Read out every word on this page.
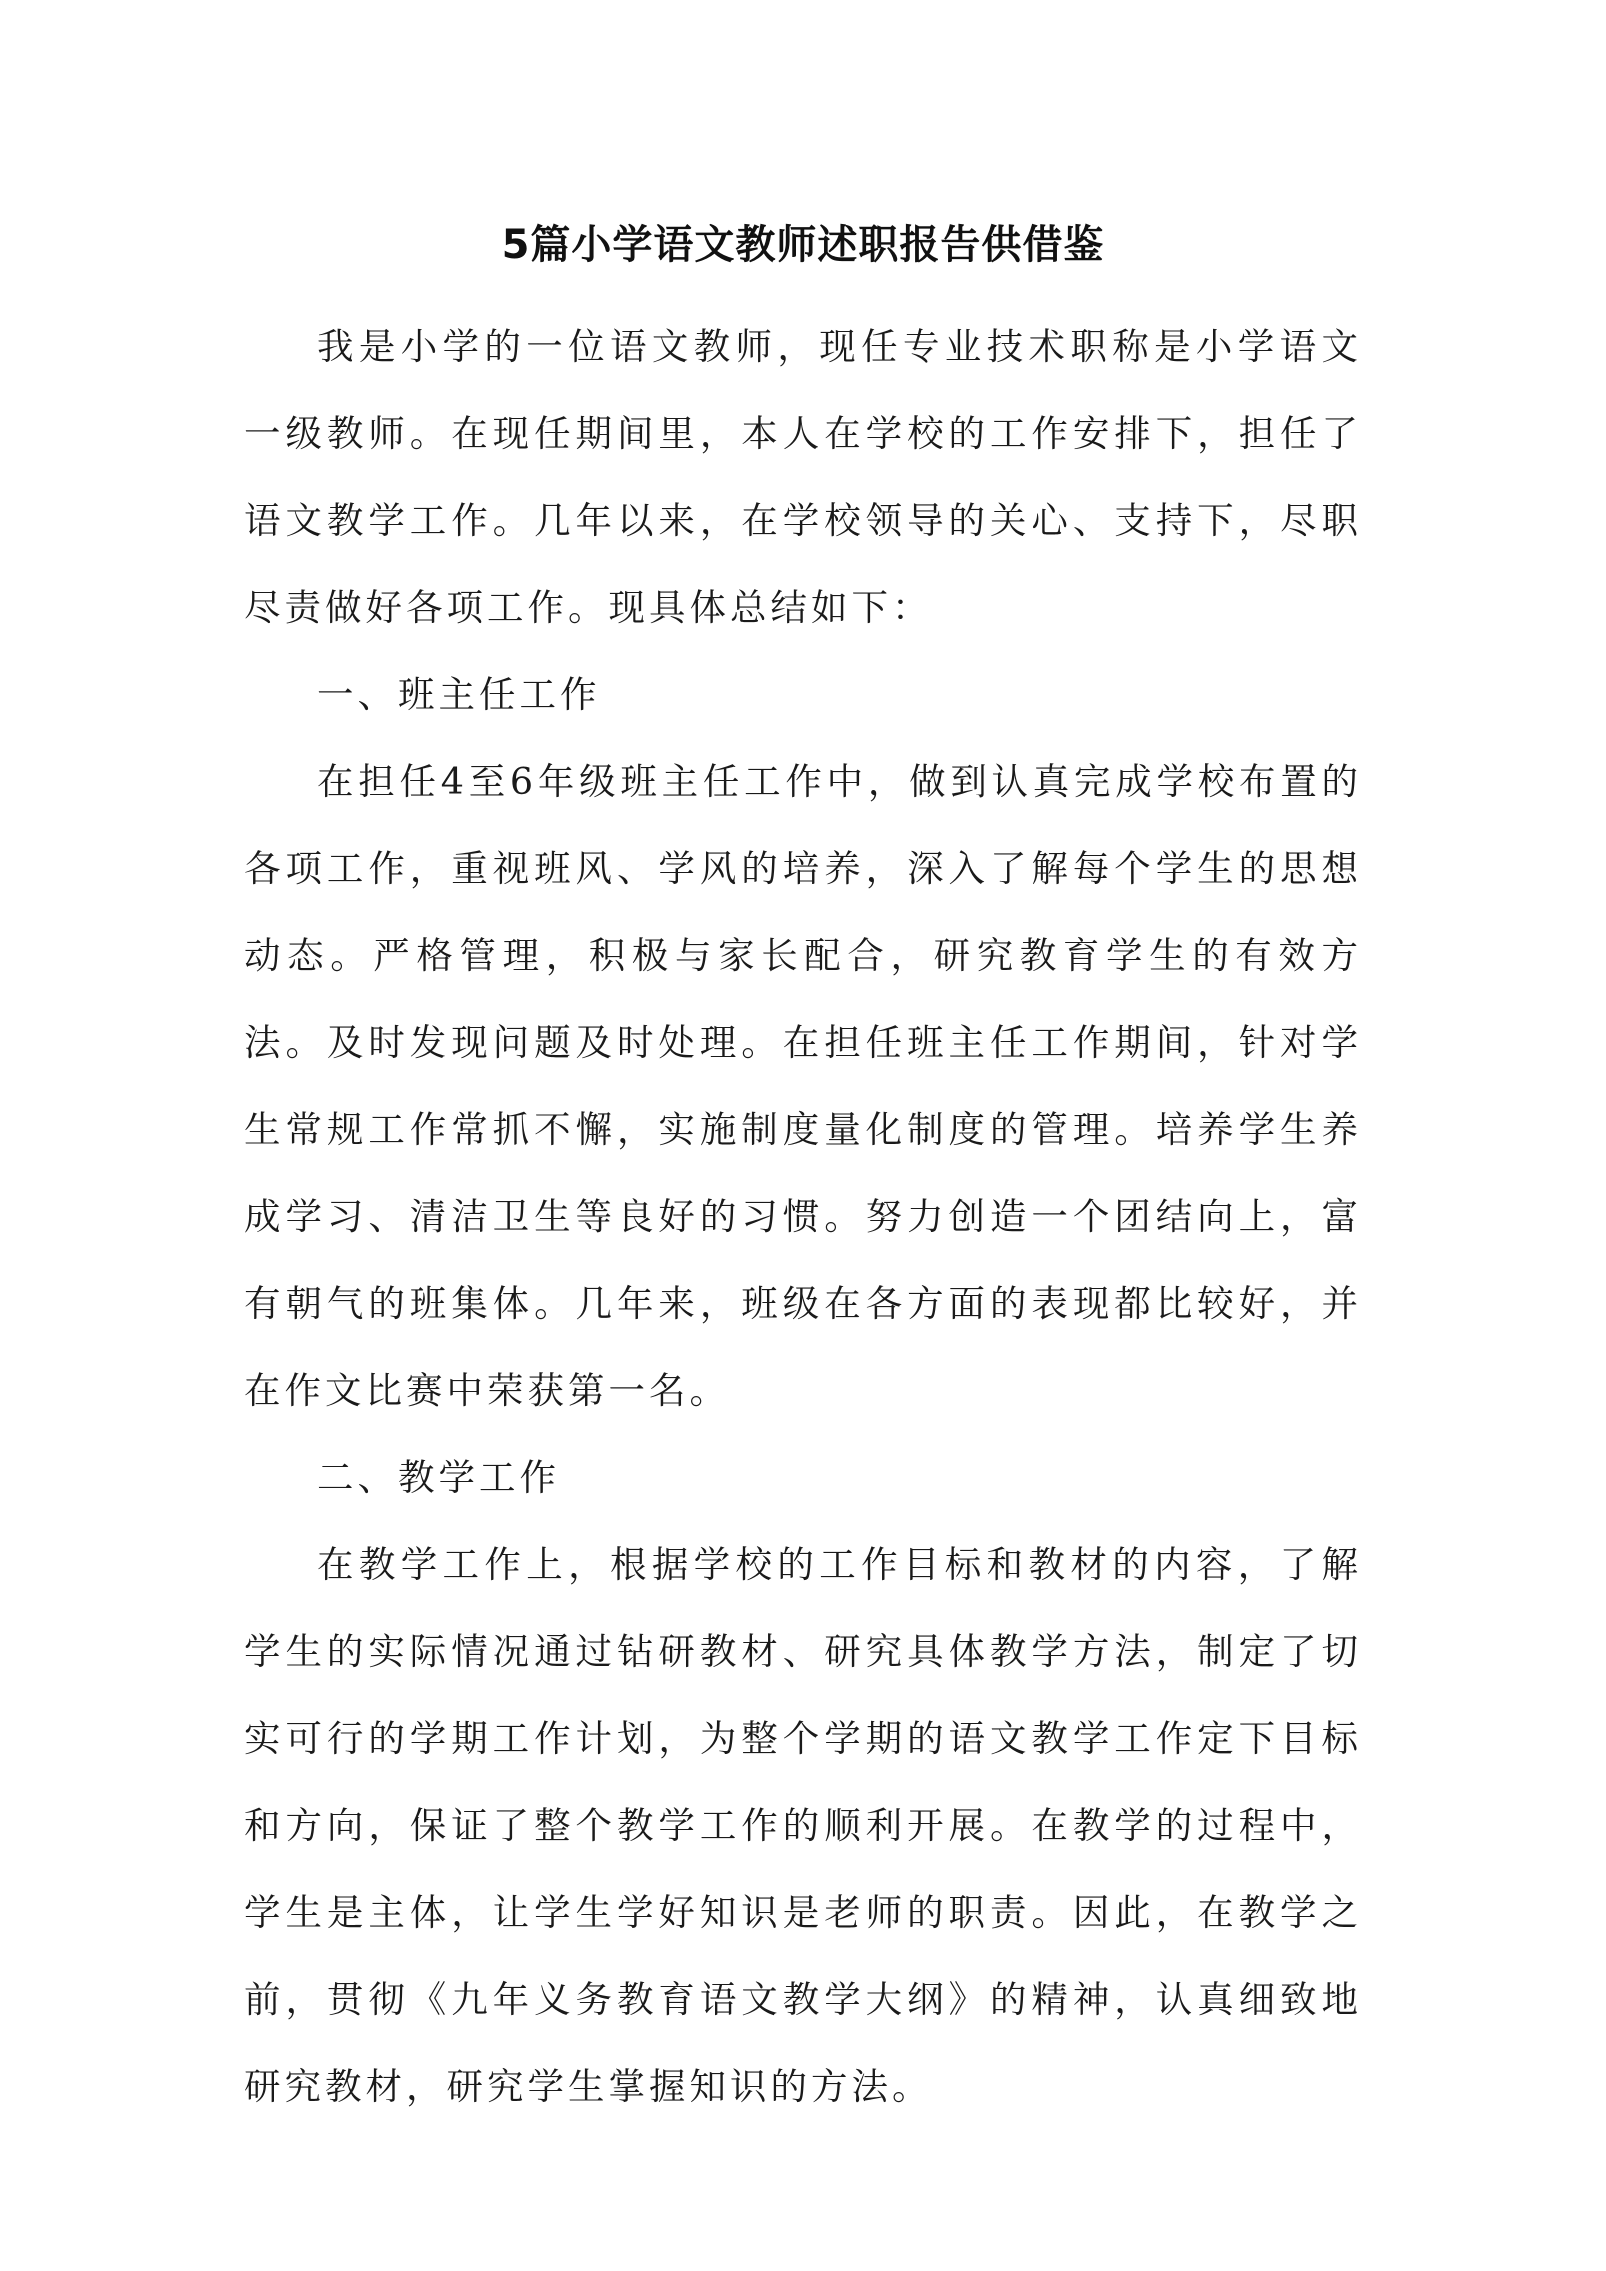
5篇小学语文教师述职报告供借鉴

我是小学的一位语文教师，现任专业技术职称是小学语文一级教师。在现任期间里，本人在学校的工作安排下，担任了语文教学工作。几年以来，在学校领导的关心、支持下，尽职尽责做好各项工作。现具体总结如下：

一、班主任工作

在担任4至6年级班主任工作中，做到认真完成学校布置的各项工作，重视班风、学风的培养，深入了解每个学生的思想动态。严格管理，积极与家长配合，研究教育学生的有效方法。及时发现问题及时处理。在担任班主任工作期间，针对学生常规工作常抓不懈，实施制度量化制度的管理。培养学生养成学习、清洁卫生等良好的习惯。努力创造一个团结向上，富有朝气的班集体。几年来，班级在各方面的表现都比较好，并在作文比赛中荣获第一名。

二、教学工作

在教学工作上，根据学校的工作目标和教材的内容，了解学生的实际情况通过钻研教材、研究具体教学方法，制定了切实可行的学期工作计划，为整个学期的语文教学工作定下目标和方向，保证了整个教学工作的顺利开展。在教学的过程中，学生是主体，让学生学好知识是老师的职责。因此，在教学之前，贯彻《九年义务教育语文教学大纲》的精神，认真细致地研究教材，研究学生掌握知识的方法。
